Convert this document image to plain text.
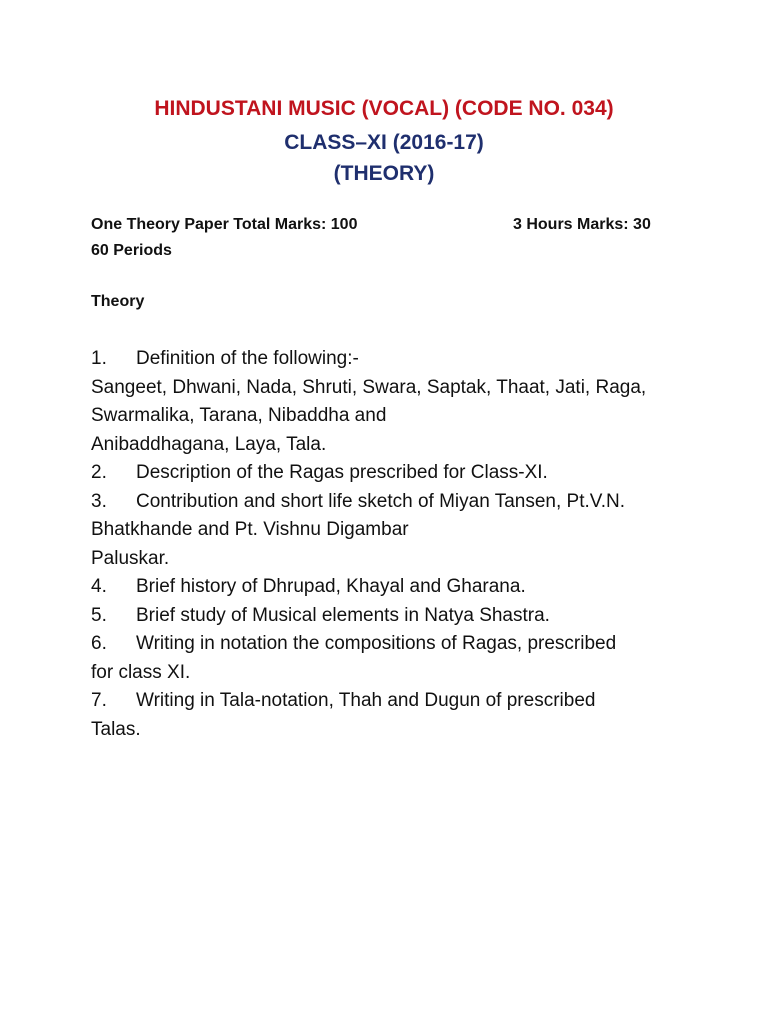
HINDUSTANI MUSIC (VOCAL) (CODE NO. 034)
CLASS–XI (2016-17)
(THEORY)
One Theory Paper Total Marks: 100	3 Hours Marks: 30
60 Periods
Theory

1. Definition of the following:-

Sangeet, Dhwani, Nada, Shruti, Swara, Saptak, Thaat, Jati, Raga,

Swarmalika, Tarana, Nibaddha and

Anibaddhagana, Laya, Tala.

2. Description of the Ragas prescribed for Class-XI.

3. Contribution and short life sketch of Miyan Tansen, Pt.V.N.

Bhatkhande and Pt. Vishnu Digambar

Paluskar.

4. Brief history of Dhrupad, Khayal and Gharana.

5. Brief study of Musical elements in Natya Shastra.

6. Writing in notation the compositions of Ragas, prescribed

for class XI.

7. Writing in Tala-notation, Thah and Dugun of prescribed

Talas.
